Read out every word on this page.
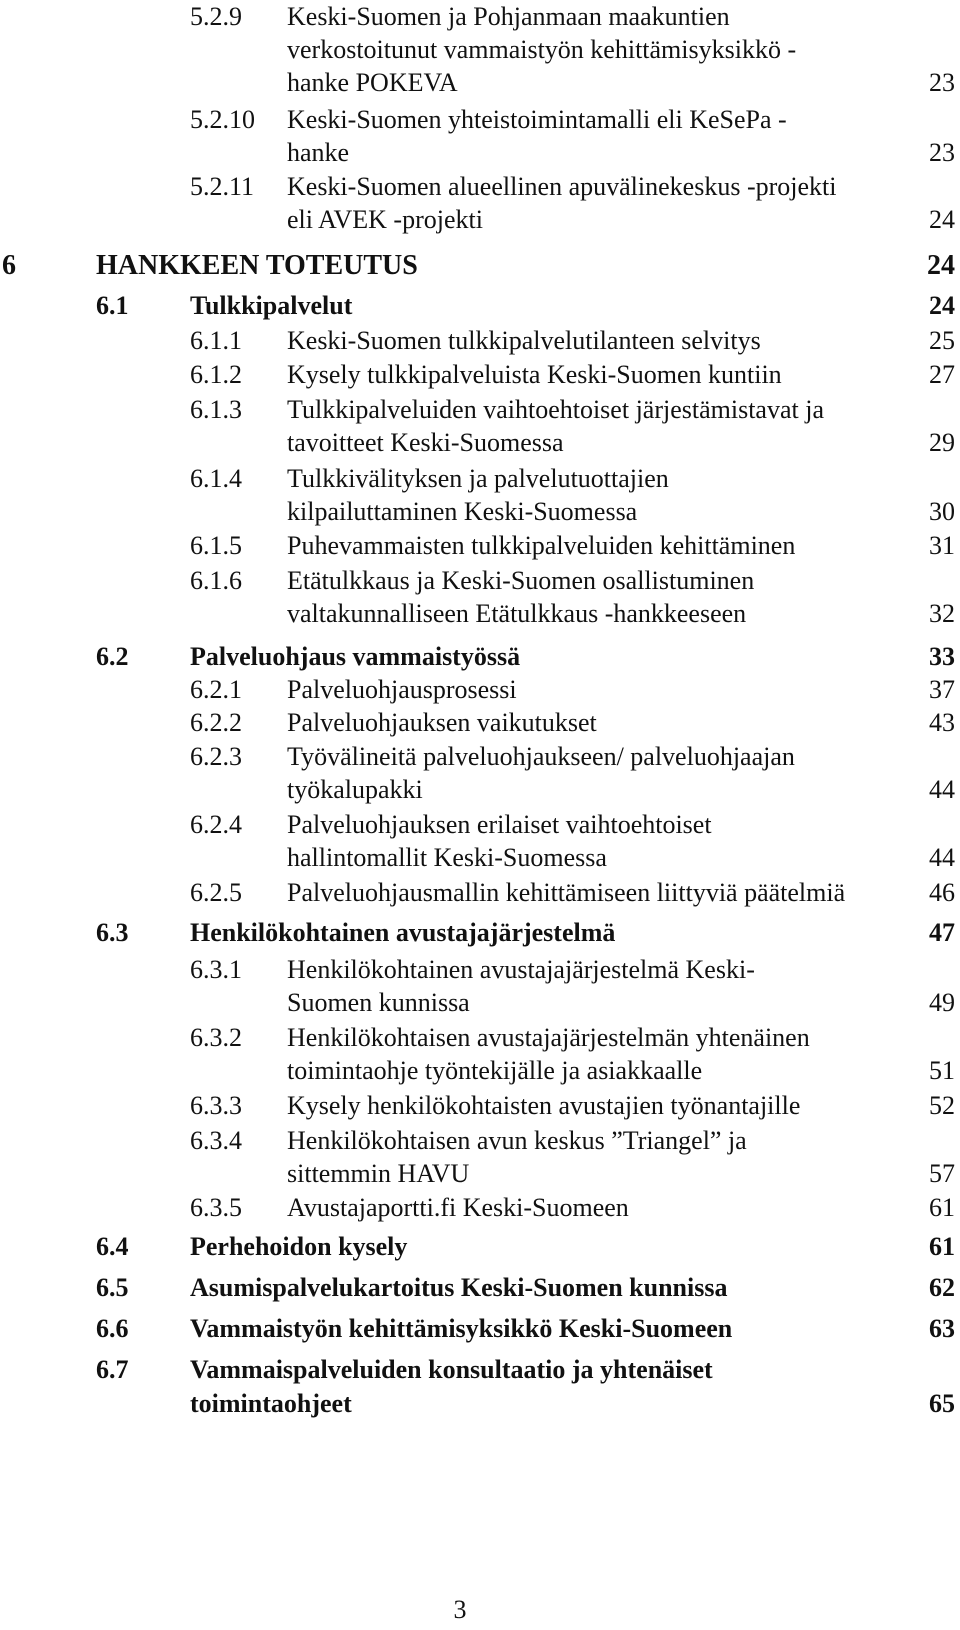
5.2.9 Keski-Suomen ja Pohjanmaan maakuntien
verkostoitunut vammaistyön kehittämisyksikkö -
hanke POKEVA	23
5.2.10 Keski-Suomen yhteistoimintamalli eli KeSePa -
hanke	23
5.2.11 Keski-Suomen alueellinen apuvälinekeskus -projekti
eli AVEK -projekti	24
6	HANKKEEN TOTEUTUS	24
6.1 Tulkkipalvelut	24
6.1.1 Keski-Suomen tulkkipalvelutilanteen selvitys	25
6.1.2 Kysely tulkkipalveluista Keski-Suomen kuntiin	27
6.1.3 Tulkkipalveluiden vaihtoehtoiset järjestämistavat ja
tavoitteet Keski-Suomessa	29
6.1.4 Tulkkivälityksen ja palvelutuottajien
kilpailuttaminen Keski-Suomessa	30
6.1.5 Puhevammaisten tulkkipalveluiden kehittäminen	31
6.1.6 Etätulkkaus ja Keski-Suomen osallistuminen
valtakunnalliseen Etätulkkaus -hankkeeseen	32
6.2 Palveluohjaus vammaistyössä	33
6.2.1 Palveluohjausprosessi	37
6.2.2 Palveluohjauksen vaikutukset	43
6.2.3 Työvälineitä palveluohjaukseen/ palveluohjaajan
työkalupakki	44
6.2.4 Palveluohjauksen erilaiset vaihtoehtoiset
hallintomallit Keski-Suomessa	44
6.2.5 Palveluohjausmallin kehittämiseen liittyviä päätelmiä	46
6.3 Henkilökohtainen avustajajärjestelmä	47
6.3.1 Henkilökohtainen avustajajärjestelmä Keski-
Suomen kunnissa	49
6.3.2 Henkilökohtaisen avustajajärjestelmän yhtenäinen
toimintaohje työntekijälle ja asiakkaalle	51
6.3.3 Kysely henkilökohtaisten avustajien työnantajille	52
6.3.4 Henkilökohtaisen avun keskus ”Triangel” ja
sittemmin HAVU	57
6.3.5 Avustajaportti.fi Keski-Suomeen	61
6.4 Perhehoidon kysely	61
6.5 Asumispalvelukartoitus Keski-Suomen kunnissa	62
6.6 Vammaistyön kehittämisyksikkö Keski-Suomeen	63
6.7 Vammaispalveluiden konsultaatio ja yhtenäiset
toimintaohjeet	65
3
